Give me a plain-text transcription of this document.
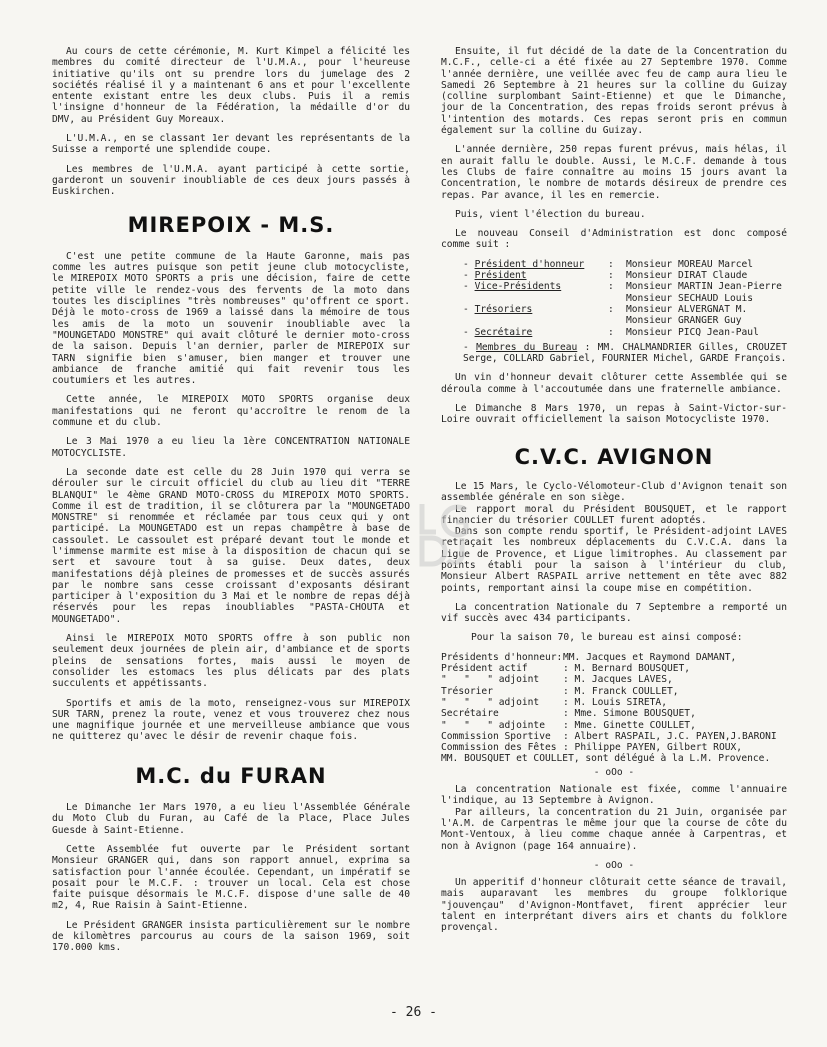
Au cours de cette cérémonie, M. Kurt Kimpel a félicité les membres du comité directeur de l'U.M.A., pour l'heureuse initiative qu'ils ont su prendre lors du jumelage des 2 sociétés réalisé il y a maintenant 6 ans et pour l'excellente entente existant entre les deux clubs. Puis il a remis l'insigne d'honneur de la Fédération, la médaille d'or du DMV, au Président Guy Moreaux.

L'U.M.A., en se classant 1er devant les représentants de la Suisse a remporté une splendide coupe.

Les membres de l'U.M.A. ayant participé à cette sortie, garderont un souvenir inoubliable de ces deux jours passés à Euskirchen.

MIREPOIX - M.S.

C'est une petite commune de la Haute Garonne, mais pas comme les autres puisque son petit jeune club motocycliste, le MIREPOIX MOTO SPORTS a pris une décision, faire de cette petite ville le rendez-vous des fervents de la moto dans toutes les disciplines "très nombreuses" qu'offrent ce sport. Déjà le moto-cross de 1969 a laissé dans la mémoire de tous les amis de la moto un souvenir inoubliable avec la "MOUNGETADO MONSTRE" qui avait clôturé le dernier moto-cross de la saison. Depuis l'an dernier, parler de MIREPOIX sur TARN signifie bien s'amuser, bien manger et trouver une ambiance de franche amitié qui fait revenir tous les coutumiers et les autres.

Cette année, le MIREPOIX MOTO SPORTS organise deux manifestations qui ne feront qu'accroître le renom de la commune et du club.

Le 3 Mai 1970 a eu lieu la 1ère CONCENTRATION NATIONALE MOTOCYCLISTE.

La seconde date est celle du 28 Juin 1970 qui verra se dérouler sur le circuit officiel du club au lieu dit "TERRE BLANQUI" le 4ème GRAND MOTO-CROSS du MIREPOIX MOTO SPORTS. Comme il est de tradition, il se clôturera par la "MOUNGETADO MONSTRE" si renommée et réclamée par tous ceux qui y ont participé. La MOUNGETADO est un repas champêtre à base de cassoulet. Le cassoulet est préparé devant tout le monde et l'immense marmite est mise à la disposition de chacun qui se sert et savoure tout à sa guise. Deux dates, deux manifestations déjà pleines de promesses et de succès assurés par le nombre sans cesse croissant d'exposants désirant participer à l'exposition du 3 Mai et le nombre de repas déjà réservés pour les repas inoubliables "PASTA-CHOUTA et MOUNGETADO".

Ainsi le MIREPOIX MOTO SPORTS offre à son public non seulement deux journées de plein air, d'ambiance et de sports pleins de sensations fortes, mais aussi le moyen de consolider les estomacs les plus délicats par des plats succulents et appétissants.

Sportifs et amis de la moto, renseignez-vous sur MIREPOIX SUR TARN, prenez la route, venez et vous trouverez chez nous une magnifique journée et une merveilleuse ambiance que vous ne quitterez qu'avec le désir de revenir chaque fois.

M.C. du FURAN

Le Dimanche 1er Mars 1970, a eu lieu l'Assemblée Générale du Moto Club du Furan, au Café de la Place, Place Jules Guesde à Saint-Etienne.

Cette Assemblée fut ouverte par le Président sortant Monsieur GRANGER qui, dans son rapport annuel, exprima sa satisfaction pour l'année écoulée. Cependant, un impératif se posait pour le M.C.F. : trouver un local. Cela est chose faite puisque désormais le M.C.F. dispose d'une salle de 40 m2, 4, Rue Raisin à Saint-Etienne.

Le Président GRANGER insista particulièrement sur le nombre de kilomètres parcourus au cours de la saison 1969, soit 170.000 kms.

Ensuite, il fut décidé de la date de la Concentration du M.C.F., celle-ci a été fixée au 27 Septembre 1970. Comme l'année dernière, une veillée avec feu de camp aura lieu le Samedi 26 Septembre à 21 heures sur la colline du Guizay (colline surplombant Saint-Etienne) et que le Dimanche, jour de la Concentration, des repas froids seront prévus à l'intention des motards. Ces repas seront pris en commun également sur la colline du Guizay.

L'année dernière, 250 repas furent prévus, mais hélas, il en aurait fallu le double. Aussi, le M.C.F. demande à tous les Clubs de faire connaître au moins 15 jours avant la Concentration, le nombre de motards désireux de prendre ces repas. Par avance, il les en remercie.

Puis, vient l'élection du bureau.

Le nouveau Conseil d'Administration est donc composé comme suit :

- Président d'honneur	:	Monsieur MOREAU Marcel
- Président	:	Monsieur DIRAT Claude
- Vice-Présidents	:	Monsieur MARTIN Jean-Pierre
		Monsieur SECHAUD Louis
- Trésoriers	:	Monsieur ALVERGNAT M.
		Monsieur GRANGER Guy
- Secrétaire	:	Monsieur PICQ Jean-Paul

- Membres du Bureau : MM. CHALMANDRIER Gilles, CROUZET Serge, COLLARD Gabriel, FOURNIER Michel, GARDE François.

Un vin d'honneur devait clôturer cette Assemblée qui se déroula comme à l'accoutumée dans une fraternelle ambiance.

Le Dimanche 8 Mars 1970, un repas à Saint-Victor-sur-Loire ouvrait officiellement la saison Motocycliste 1970.

C.V.C. AVIGNON

Le 15 Mars, le Cyclo-Vélomoteur-Club d'Avignon tenait son assemblée générale en son siège.

Le rapport moral du Président BOUSQUET, et le rapport financier du trésorier COULLET furent adoptés.

Dans son compte rendu sportif, le Président-adjoint LAVES retraçait les nombreux déplacements du C.V.C.A. dans la Ligue de Provence, et Ligue limitrophes. Au classement par points établi pour la saison à l'intérieur du club, Monsieur Albert RASPAIL arrive nettement en tête avec 882 points, remportant ainsi la coupe mise en compétition.

La concentration Nationale du 7 Septembre a remporté un vif succès avec 434 participants.

Pour la saison 70, le bureau est ainsi composé:

Présidents d'honneur:	MM. Jacques et Raymond DAMANT,
Président actif	: M. Bernard BOUSQUET,
"   "   " adjoint	: M. Jacques LAVES,
Trésorier	: M. Franck COULLET,
"   "   " adjoint	: M. Louis SIRETA,
Secrétaire	: Mme. Simone BOUSQUET,
"   "   " adjointe	: Mme. Ginette COULLET,
Commission Sportive	: Albert RASPAIL, J.C. PAYEN,J.BARONI
Commission des Fêtes	: Philippe PAYEN, Gilbert ROUX,

MM. BOUSQUET et COULLET, sont délégué à la L.M. Provence.

- oOo -

La concentration Nationale est fixée, comme l'annuaire l'indique, au 13 Septembre à Avignon.

Par ailleurs, la concentration du 21 Juin, organisée par l'A.M. de Carpentras le même jour que la course de côte du Mont-Ventoux, à lieu comme chaque année à Carpentras, et non à Avignon (page 164 annuaire).

- oOo -

Un apperitif d'honneur clôturait cette séance de travail, mais auparavant les membres du groupe folklorique "jouvençau" d'Avignon-Montfavet, firent apprécier leur talent en interprétant divers airs et chants du folklore provençal.

- 26 -
